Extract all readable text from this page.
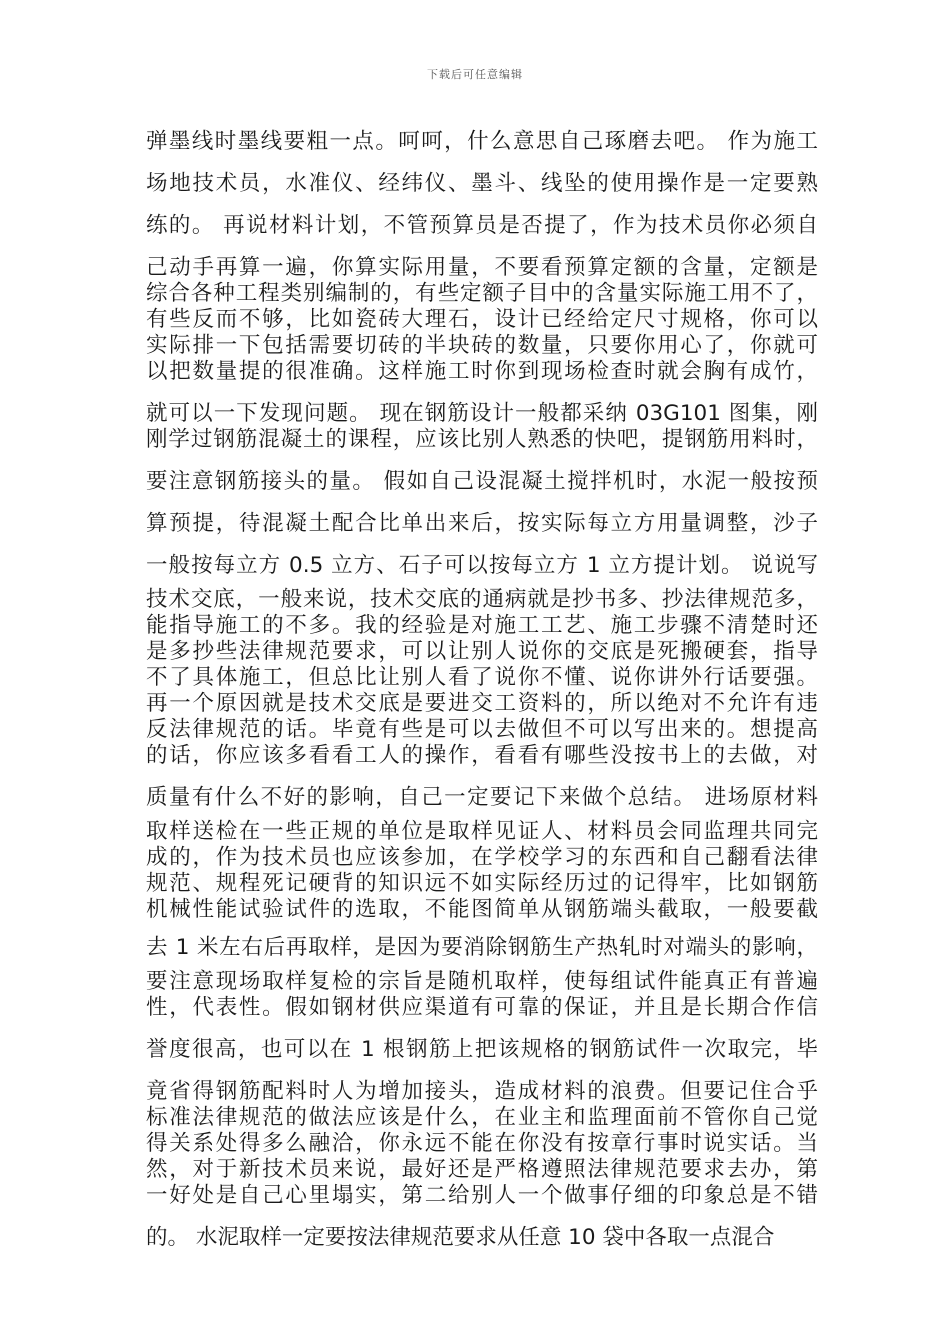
下载后可任意编辑
弹墨线时墨线要粗一点。呵呵，什么意思自己琢磨去吧。 作为施工
场地技术员，水准仪、经纬仪、墨斗、线坠的使用操作是一定要熟
练的。 再说材料计划，不管预算员是否提了，作为技术员你必须自
己动手再算一遍，你算实际用量，不要看预算定额的含量，定额是
综合各种工程类别编制的，有些定额子目中的含量实际施工用不了，
有些反而不够，比如瓷砖大理石，设计已经给定尺寸规格，你可以
实际排一下包括需要切砖的半块砖的数量，只要你用心了，你就可
以把数量提的很准确。这样施工时你到现场检查时就会胸有成竹，
就可以一下发现问题。 现在钢筋设计一般都采纳 03G101 图集，刚
刚学过钢筋混凝土的课程，应该比别人熟悉的快吧，提钢筋用料时，
要注意钢筋接头的量。 假如自己设混凝土搅拌机时，水泥一般按预
算预提，待混凝土配合比单出来后，按实际每立方用量调整，沙子
一般按每立方 0.5 立方、石子可以按每立方 1 立方提计划。 说说写
技术交底，一般来说，技术交底的通病就是抄书多、抄法律规范多，
能指导施工的不多。我的经验是对施工工艺、施工步骤不清楚时还
是多抄些法律规范要求，可以让别人说你的交底是死搬硬套，指导
不了具体施工，但总比让别人看了说你不懂、说你讲外行话要强。
再一个原因就是技术交底是要进交工资料的，所以绝对不允许有违
反法律规范的话。毕竟有些是可以去做但不可以写出来的。想提高
的话，你应该多看看工人的操作，看看有哪些没按书上的去做，对
质量有什么不好的影响，自己一定要记下来做个总结。 进场原材料
取样送检在一些正规的单位是取样见证人、材料员会同监理共同完
成的，作为技术员也应该参加，在学校学习的东西和自己翻看法律
规范、规程死记硬背的知识远不如实际经历过的记得牢，比如钢筋
机械性能试验试件的选取，不能图简单从钢筋端头截取，一般要截
去 1 米左右后再取样，是因为要消除钢筋生产热轧时对端头的影响，
要注意现场取样复检的宗旨是随机取样，使每组试件能真正有普遍
性，代表性。假如钢材供应渠道有可靠的保证，并且是长期合作信
誉度很高，也可以在 1 根钢筋上把该规格的钢筋试件一次取完，毕
竟省得钢筋配料时人为增加接头，造成材料的浪费。但要记住合乎
标准法律规范的做法应该是什么，在业主和监理面前不管你自己觉
得关系处得多么融洽，你永远不能在你没有按章行事时说实话。当
然，对于新技术员来说，最好还是严格遵照法律规范要求去办，第
一好处是自己心里塌实，第二给别人一个做事仔细的印象总是不错
的。 水泥取样一定要按法律规范要求从任意 10 袋中各取一点混合
